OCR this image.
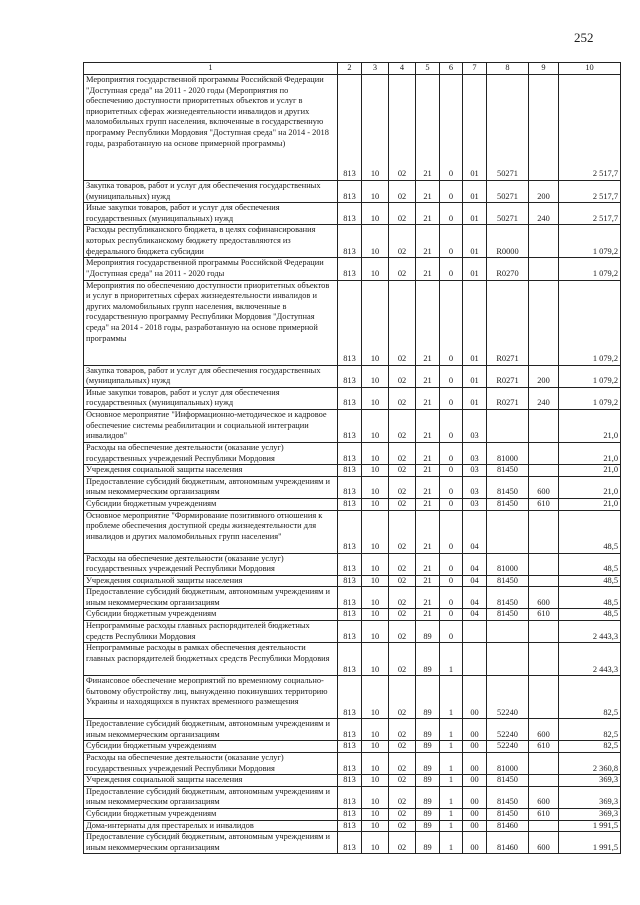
252
1	2	3	4	5	6	7	8	9	10
Мероприятия государственной программы Российской Федерации "Доступная среда" на 2011 - 2020 годы (Мероприятия по обеспечению доступности приоритетных объектов и услуг в приоритетных сферах жизнедеятельности инвалидов и других маломобильных групп населения, включенные в государственную программу Республики Мордовия "Доступная среда" на 2014 - 2018 годы, разработанную на основе примерной программы)	813	10	02	21	0	01	50271		2 517,7
Закупка товаров, работ и услуг для обеспечения государственных (муниципальных) нужд	813	10	02	21	0	01	50271	200	2 517,7
Иные закупки товаров, работ и услуг для обеспечения государственных (муниципальных) нужд	813	10	02	21	0	01	50271	240	2 517,7
Расходы республиканского бюджета, в целях софинансирования которых республиканскому бюджету предоставляются из федерального бюджета субсидии	813	10	02	21	0	01	R0000		1 079,2
Мероприятия государственной программы Российской Федерации "Доступная среда" на 2011 - 2020 годы	813	10	02	21	0	01	R0270		1 079,2
Мероприятия по обеспечению доступности приоритетных объектов и услуг в приоритетных сферах жизнедеятельности инвалидов и других маломобильных групп населения, включенные в государственную программу Республики Мордовия "Доступная среда" на 2014 - 2018 годы, разработанную на основе примерной программы	813	10	02	21	0	01	R0271		1 079,2
Закупка товаров, работ и услуг для обеспечения государственных (муниципальных) нужд	813	10	02	21	0	01	R0271	200	1 079,2
Иные закупки товаров, работ и услуг для обеспечения государственных (муниципальных) нужд	813	10	02	21	0	01	R0271	240	1 079,2
Основное мероприятие "Информационно-методическое и кадровое обеспечение системы реабилитации и социальной интеграции инвалидов"	813	10	02	21	0	03			21,0
Расходы на обеспечение деятельности (оказание услуг) государственных учреждений Республики Мордовия	813	10	02	21	0	03	81000		21,0
Учреждения социальной защиты населения	813	10	02	21	0	03	81450		21,0
Предоставление субсидий бюджетным, автономным учреждениям и иным некоммерческим организациям	813	10	02	21	0	03	81450	600	21,0
Субсидии бюджетным учреждениям	813	10	02	21	0	03	81450	610	21,0
Основное мероприятие "Формирование позитивного отношения к проблеме обеспечения доступной среды жизнедеятельности для инвалидов и других маломобильных групп населения"	813	10	02	21	0	04			48,5
Расходы на обеспечение деятельности (оказание услуг) государственных учреждений Республики Мордовия	813	10	02	21	0	04	81000		48,5
Учреждения социальной защиты населения	813	10	02	21	0	04	81450		48,5
Предоставление субсидий бюджетным, автономным учреждениям и иным некоммерческим организациям	813	10	02	21	0	04	81450	600	48,5
Субсидии бюджетным учреждениям	813	10	02	21	0	04	81450	610	48,5
Непрограммные расходы главных распорядителей бюджетных средств Республики Мордовия	813	10	02	89	0				2 443,3
Непрограммные расходы в рамках обеспечения деятельности главных распорядителей бюджетных средств Республики Мордовия	813	10	02	89	1				2 443,3
Финансовое обеспечение мероприятий по временному социально-бытовому обустройству лиц, вынужденно покинувших территорию Украины и находящихся в пунктах временного размещения	813	10	02	89	1	00	52240		82,5
Предоставление субсидий бюджетным, автономным учреждениям и иным некоммерческим организациям	813	10	02	89	1	00	52240	600	82,5
Субсидии бюджетным учреждениям	813	10	02	89	1	00	52240	610	82,5
Расходы на обеспечение деятельности (оказание услуг) государственных учреждений Республики Мордовия	813	10	02	89	1	00	81000		2 360,8
Учреждения социальной защиты населения	813	10	02	89	1	00	81450		369,3
Предоставление субсидий бюджетным, автономным учреждениям и иным некоммерческим организациям	813	10	02	89	1	00	81450	600	369,3
Субсидии бюджетным учреждениям	813	10	02	89	1	00	81450	610	369,3
Дома-интернаты для престарелых и инвалидов	813	10	02	89	1	00	81460		1 991,5
Предоставление субсидий бюджетным, автономным учреждениям и иным некоммерческим организациям	813	10	02	89	1	00	81460	600	1 991,5
